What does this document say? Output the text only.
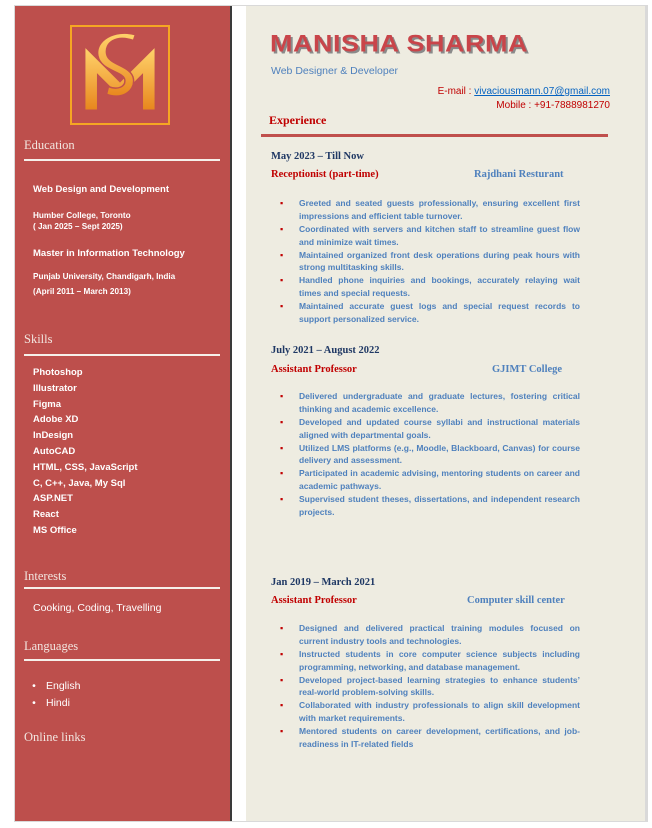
Education
Web Design and Development
Humber College, Toronto
( Jan 2025 – Sept 2025)
Master in Information Technology
Punjab University, Chandigarh, India
(April 2011 – March 2013)
Skills
Photoshop
Illustrator
Figma
Adobe XD
InDesign
AutoCAD
HTML, CSS, JavaScript
C, C++, Java, My Sql
ASP.NET
React
MS Office
Interests
Cooking, Coding, Travelling
Languages
• English
• Hindi
Online links
MANISHA SHARMA
Web Designer & Developer
E-mail : vivaciousmann.07@gmail.com
Mobile : +91-7888981270
Experience
May 2023 – Till Now
Receptionist (part-time)	Rajdhani Resturant
▪ Greeted and seated guests professionally, ensuring excellent first impressions and efficient table turnover.
▪ Coordinated with servers and kitchen staff to streamline guest flow and minimize wait times.
▪ Maintained organized front desk operations during peak hours with strong multitasking skills.
▪ Handled phone inquiries and bookings, accurately relaying wait times and special requests.
▪ Maintained accurate guest logs and special request records to support personalized service.
July 2021 – August 2022
Assistant Professor	GJIMT College
▪ Delivered undergraduate and graduate lectures, fostering critical thinking and academic excellence.
▪ Developed and updated course syllabi and instructional materials aligned with departmental goals.
▪ Utilized LMS platforms (e.g., Moodle, Blackboard, Canvas) for course delivery and assessment.
▪ Participated in academic advising, mentoring students on career and academic pathways.
▪ Supervised student theses, dissertations, and independent research projects.
Jan 2019 – March 2021
Assistant Professor	Computer skill center
▪ Designed and delivered practical training modules focused on current industry tools and technologies.
▪ Instructed students in core computer science subjects including programming, networking, and database management.
▪ Developed project-based learning strategies to enhance students’ real-world problem-solving skills.
▪ Collaborated with industry professionals to align skill development with market requirements.
▪ Mentored students on career development, certifications, and job-readiness in IT-related fields
